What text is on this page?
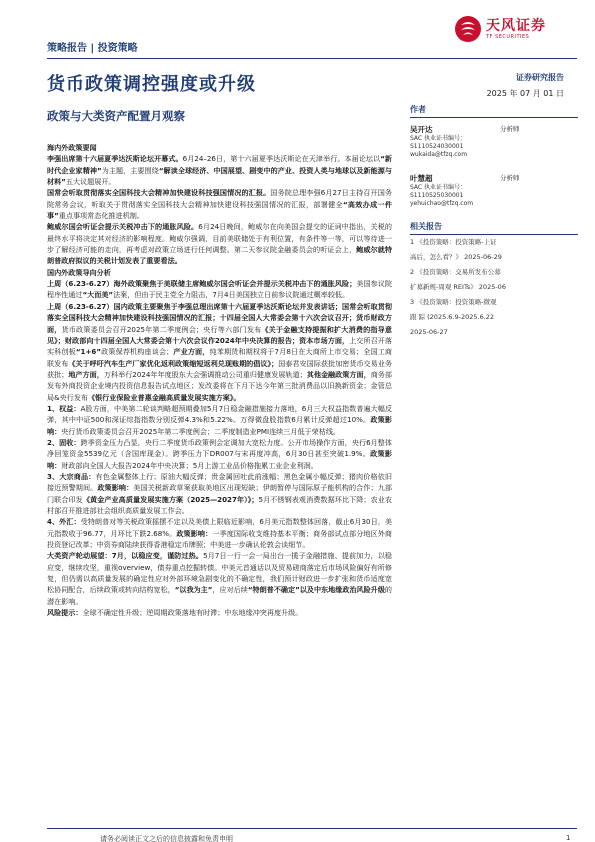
天风证券
TF SECURITIES
策略报告 | 投资策略
货币政策调控强度或升级
政策与大类资产配置月观察
证券研究报告
2025 年 07 月 01 日
作者
吴开达	分析师
SAC 执业证书编号：
S1110524030001
wukaida@tfzq.com
叶慧超	分析师
SAC 执业证书编号：
S1110525030001
yehuichao@tfzq.com
相关报告
1 《投资策略：投资策略-上证
高后，怎么看？》 2025-06-29
2 《投资策略：交易所发布公募
扩募新规-周观 REITs》 2025-06
3 《投资策略：投资策略-微观
跟 踪 (2025.6.9-2025.6.22
2025-06-27

海内外政策要闻

李强出席第十六届夏季达沃斯论坛开幕式。6月24–26日，第十六届夏季达沃斯论在天津举行。本届论坛以“新时代企业家精神”为主题，主要围绕“解读全球经济、中国展望、剧变中的产业、投资人类与地球以及新能源与材料”五大议题展开。

国常会听取贯彻落实全国科技大会精神加快建设科技强国情况的汇报。国务院总理李强6月27日主持召开国务院常务会议，听取关于贯彻落实全国科技大会精神加快建设科技强国情况的汇报，部署健全“高效办成一件事”重点事项常态化推进机制。

鲍威尔国会听证会提示关税冲击下的通胀风险。6月24日晚间，鲍威尔在向美国会提交的证词中指出，关税的最终水平将决定其对经济的影响程度。鲍威尔强调，目前美联储处于有利位置，有条件等一等，可以等待进一步了解经济可能的走向，再考虑对政策立场进行任何调整。第二天参议院金融委员会的听证会上，鲍威尔就特朗普政府拟议的关税计划发表了重要看法。

国内外政策导向分析

上周（6.23-6.27）海外政策聚焦于美联储主席鲍威尔国会听证会并提示关税冲击下的通胀风险；美国参议院程序性通过“大而美”法案，但由于民主党全力阻击，7月4日美国独立日前参议院通过概率较低。

上周（6.23-6.27）国内政策主要聚焦于李强总理出席第十六届夏季达沃斯论坛并发表讲话；国常会听取贯彻落实全国科技大会精神加快建设科技强国情况的汇报；十四届全国人大常委会第十六次会议召开；货币财政方面，货币政策委员会召开2025年第二季度例会；央行等六部门发布《关于金融支持提振和扩大消费的指导意见》；财政部向十四届全国人大常委会第十六次会议作2024年中央决算的报告；资本市场方面，上交所召开落实科创板“1+6”政策保荐机构座谈会；产业方面，纯苯期货和期权将于7月8日在大商所上市交易；全国工商联发布《关于呼吁汽车生产厂家优化返利政策缩短返利兑现账期的倡议》；国泰君安国际获批加密货币交易业务获批；地产方面，万科举行2024年年度股东大会强调推动公司重归健康发展轨道；其他金融政策方面，商务部发布外商投资企业境内投资信息报告试点地区；发改委将在下月下达今年第三批消费品以旧换新资金；金管总局&央行发布《银行业保险业普惠金融高质量发展实施方案》。

1、权益：A股方面，中美第二轮谈判略超预期叠加5月7日稳金融措施接力落地，6月三大权益指数普遍大幅反弹，其中中证500和深证综指指数分别反弹4.3%和5.22%。万得微盘股指数6月累计反弹超过10%。政策影响：央行货币政策委员会召开2025年第二季度例会；二季度制造业PMI连续三月低于荣枯线。

2、固收：跨季资金压力凸显，央行二季度货币政策例会定调加大宽松力度。公开市场操作方面，央行6月整体净回笼资金5539亿元（含国库现金）。跨季压力下DR007与末再度冲高，6月30日甚至突破1.9%。政策影响：财政部向全国人大报告2024年中央决算；5月上游工业品价格拖累工业企业利润。

3、大宗商品：有色金属整体上行；原油大幅反弹；贵金属回吐此前涨幅；黑色金属小幅反弹；猪肉价格依旧接近预警期间。政策影响：美国关税新政草案获取美地区出现短缺；伊朗暂停与国际原子能机构的合作；九部门联合印发《黄金产业高质量发展实施方案（2025—2027年）》；5月不锈钢表观消费数据环比下降；农业农村部召开推进部社会组织高质量发展工作会。

4、外汇：受特朗普对等关税政策摇摆不定以及美债上限临近影响，6月美元指数整体回落，截止6月30日，美元指数收于96.77，月环比下跌2.68%。政策影响：一季度国际收支维持基本平衡；商务部试点部分地区外商投资登记改革；中资券商陆续获得香港稳定币牌照；中美进一步确认伦敦会谈细节。

大类资产轮动展望：7月，以稳应变，谨防过热。5月7日一行一会一局出台一揽子金融措施、提前加力，以稳应变，继续攻坚，重视overview，债券重点挖掘转债。中美元首通话以及贸易磋商落定后市场风险偏好有所修复，但仍需以高质量发展的确定性应对外部环境急剧变化的不确定性，我们预计财政进一步扩张和货币适度宽松协同配合，后续政策或转向结构宽松，“以我为主”，应对后续“特朗普不确定”以及中东地缘政治风险升级的潜在影响。

风险提示：全球不确定性升级；逆周期政策落地有时滞；中东地缘冲突再度升级。

请务必阅读正文之后的信息披露和免责申明	1
